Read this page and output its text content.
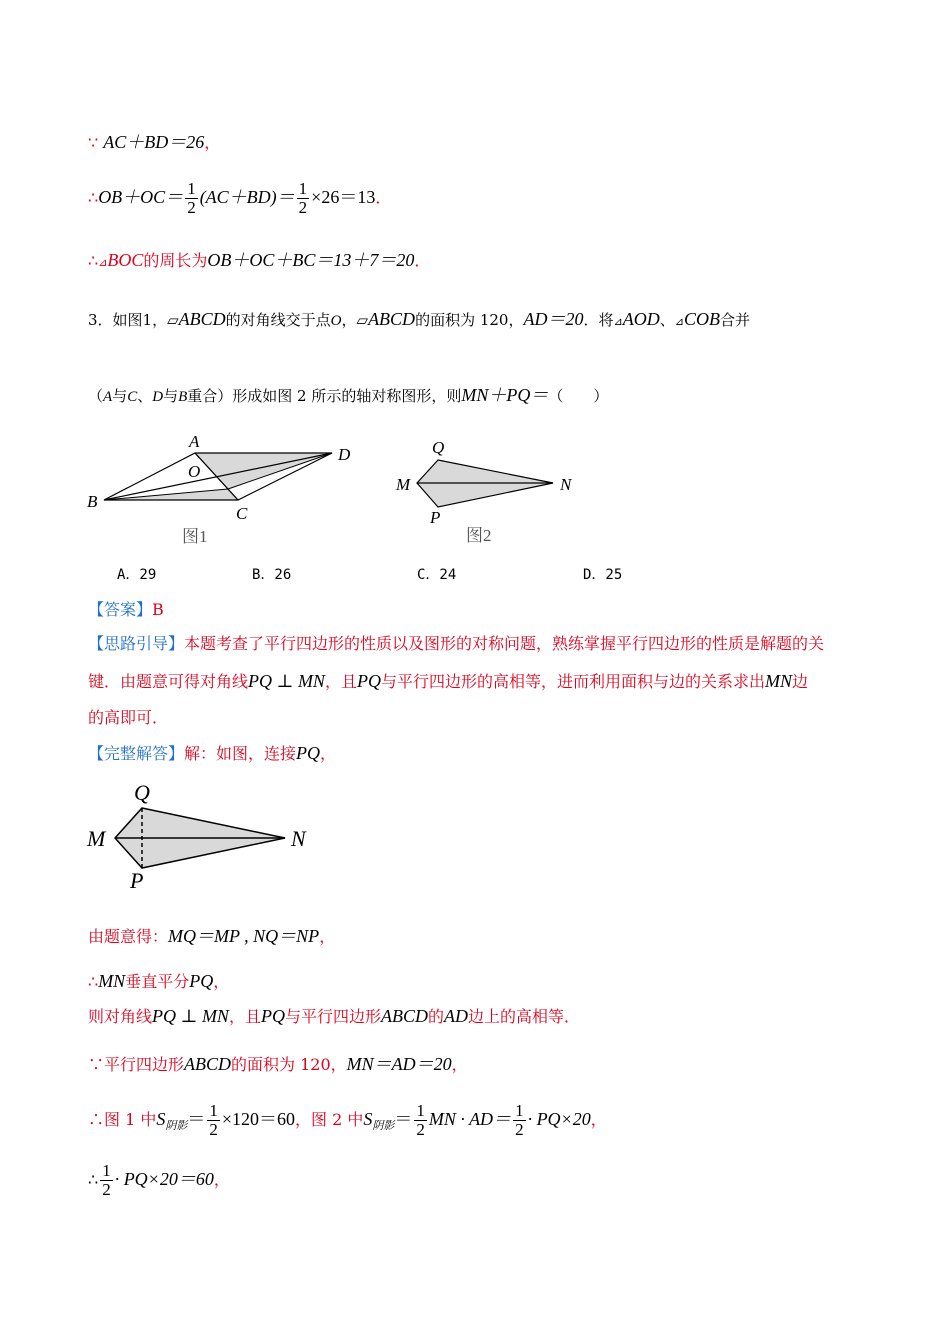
∵ AC＋BD＝26，
∴OB＋OC＝ $\frac{1}{2} (AC+BD)= \frac{1}{2} \times 26=13$．
∴⊿BOC的周长为OB＋OC＋BC＝13＋7＝20．
3．如图1，▱ABCD的对角线交于点O，▱ABCD的面积为 120，AD＝20．将⊿AOD、⊿COB合并
（A与C、D与B重合）形成如图 2 所示的轴对称图形，则MN＋PQ＝（　　）
A
O
D
B
C
图1
Q
M	N
P
图2
A．29	B．26	C．24	D．25
【答案】B
【思路引导】本题考查了平行四边形的性质以及图形的对称问题，熟练掌握平行四边形的性质是解题的关
键．由题意可得对角线PQ ⊥ MN，且PQ与平行四边形的高相等，进而利用面积与边的关系求出MN边
的高即可．
【完整解答】解：如图，连接PQ，
Q
M	N
P
由题意得：MQ＝MP , NQ＝NP，
∴MN垂直平分PQ，
则对角线PQ ⊥ MN，且PQ与平行四边形ABCD的AD边上的高相等．
∵平行四边形ABCD的面积为 120，MN＝AD＝20，
∴图 1 中$S_{阴影}= \frac{1}{2} \times 120=60$，图 2 中$S_{阴影}= \frac{1}{2}$ MN · $AD= \frac{1}{2} \cdot PQ\times 20$，
∴ $\frac{1}{2} \cdot PQ\times 20=60$，
